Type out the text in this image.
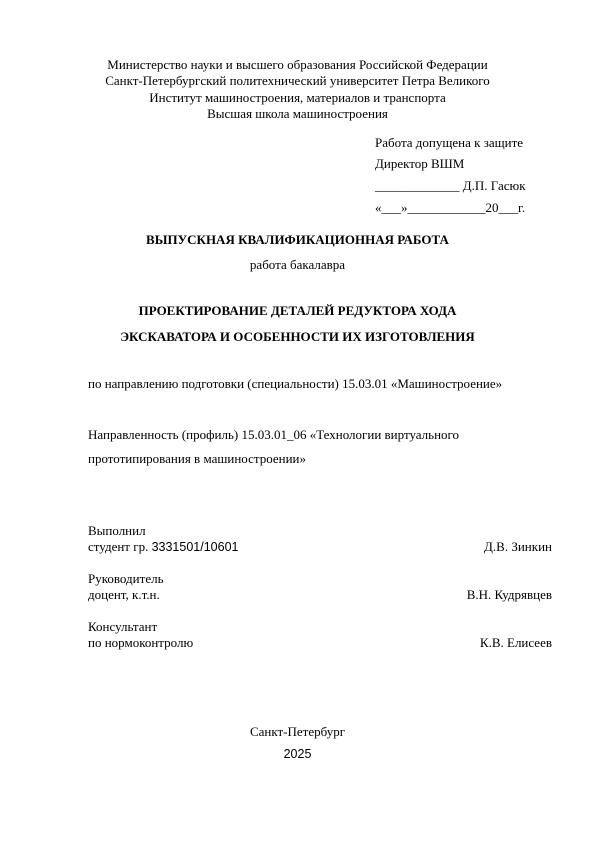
Министерство науки и высшего образования Российской Федерации
Санкт-Петербургский политехнический университет Петра Великого
Институт машиностроения, материалов и транспорта
Высшая школа машиностроения
Работа допущена к защите
Директор ВШМ
_____________ Д.П. Гасюк
«___»____________20___г.
ВЫПУСКНАЯ КВАЛИФИКАЦИОННАЯ РАБОТА
работа бакалавра
ПРОЕКТИРОВАНИЕ ДЕТАЛЕЙ РЕДУКТОРА ХОДА
ЭКСКАВАТОРА И ОСОБЕННОСТИ ИХ ИЗГОТОВЛЕНИЯ
по направлению подготовки (специальности) 15.03.01 «Машиностроение»
Направленность (профиль) 15.03.01_06 «Технологии виртуального
прототипирования в машиностроении»
Выполнил
студент гр. 3331501/10601	Д.В. Зинкин
Руководитель
доцент, к.т.н.	В.Н. Кудрявцев
Консультант
по нормоконтролю	К.В. Елисеев
Санкт-Петербург
2025
